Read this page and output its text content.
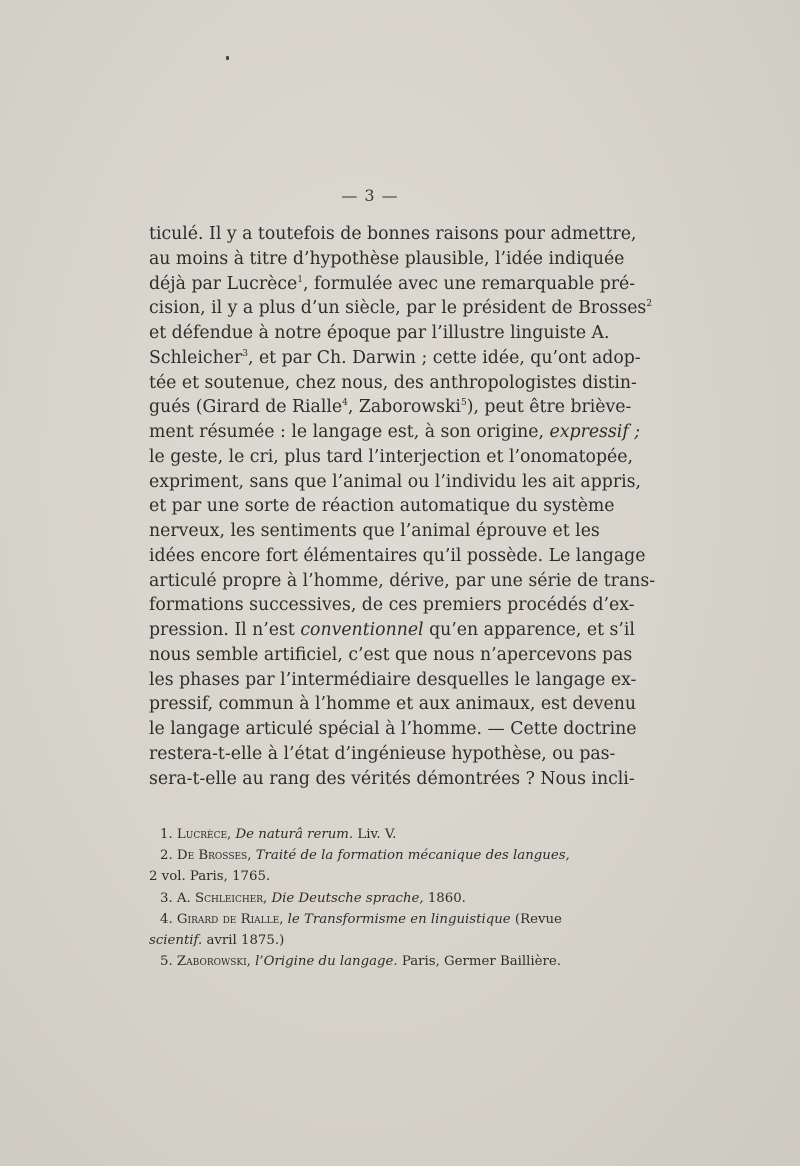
— 3 —
ticulé. Il y a toutefois de bonnes raisons pour admettre,
au moins à titre d’hypothèse plausible, l’idée indiquée
déjà par Lucrèce$^1$, formulée avec une remarquable pré-
cision, il y a plus d’un siècle, par le président de Brosses$^2$
et défendue à notre époque par l’illustre linguiste A.
Schleicher$^3$, et par Ch. Darwin ; cette idée, qu’ont adop-
tée et soutenue, chez nous, des anthropologistes distin-
gués (Girard de Rialle$^4$, Zaborowski$^5$), peut être briève-
ment résumée : le langage est, à son origine, expressif ;
le geste, le cri, plus tard l’interjection et l’onomatopée,
expriment, sans que l’animal ou l’individu les ait appris,
et par une sorte de réaction automatique du système
nerveux, les sentiments que l’animal éprouve et les
idées encore fort élémentaires qu’il possède. Le langage
articulé propre à l’homme, dérive, par une série de trans-
formations successives, de ces premiers procédés d’ex-
pression. Il n’est conventionnel qu’en apparence, et s’il
nous semble artificiel, c’est que nous n’apercevons pas
les phases par l’intermédiaire desquelles le langage ex-
pressif, commun à l’homme et aux animaux, est devenu
le langage articulé spécial à l’homme. — Cette doctrine
restera-t-elle à l’état d’ingénieuse hypothèse, ou pas-
sera-t-elle au rang des vérités démontrées ? Nous incli-
1. Lucrèce, De naturâ rerum. Liv. V.
2. De Brosses, Traité de la formation mécanique des langues,
2 vol. Paris, 1765.
3. A. Schleicher, Die Deutsche sprache, 1860.
4. Girard de Rialle, le Transformisme en linguistique (Revue
scientif. avril 1875.)
5. Zaborowski, l’Origine du langage. Paris, Germer Baillière.
